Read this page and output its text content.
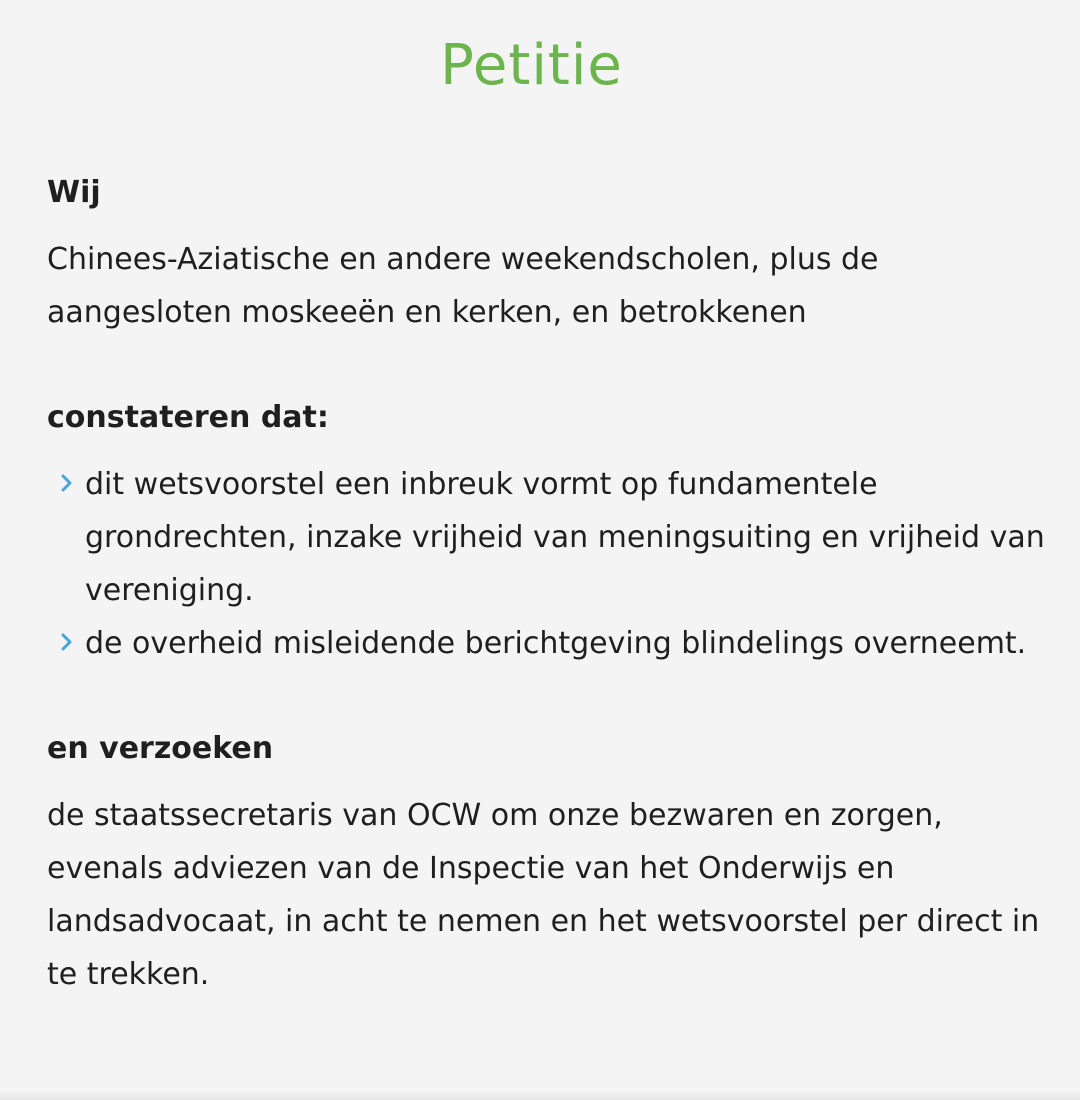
Petitie

Wij

Chinees-Aziatische en andere weekendscholen, plus de aangesloten moskeeën en kerken, en betrokkenen

constateren dat:

dit wetsvoorstel een inbreuk vormt op fundamentele grondrechten, inzake vrijheid van meningsuiting en vrijheid van vereniging.
de overheid misleidende berichtgeving blindelings overneemt.

en verzoeken

de staatssecretaris van OCW om onze bezwaren en zorgen, evenals adviezen van de Inspectie van het Onderwijs en landsadvocaat, in acht te nemen en het wetsvoorstel per direct in te trekken.
